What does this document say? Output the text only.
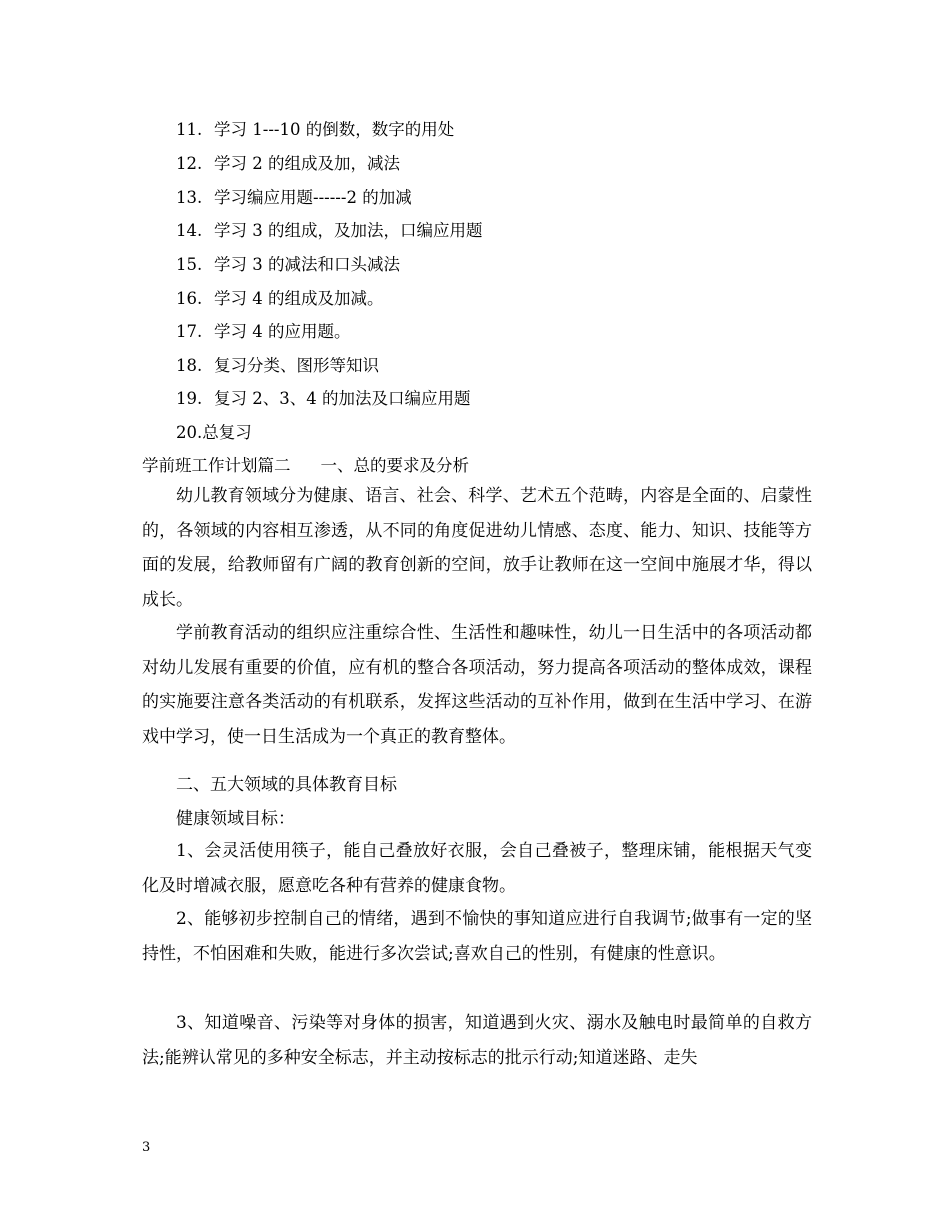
11. 学习 1---10 的倒数，数字的用处
12. 学习 2 的组成及加，减法
13. 学习编应用题------2 的加减
14. 学习 3 的组成，及加法，口编应用题
15. 学习 3 的减法和口头减法
16. 学习 4 的组成及加减。
17. 学习 4 的应用题。
18. 复习分类、图形等知识
19. 复习 2、3、4 的加法及口编应用题
20.总复习
学前班工作计划篇二 一、总的要求及分析

幼儿教育领域分为健康、语言、社会、科学、艺术五个范畴，内容是全面的、启蒙性的，各领域的内容相互渗透，从不同的角度促进幼儿情感、态度、能力、知识、技能等方面的发展，给教师留有广阔的教育创新的空间，放手让教师在这一空间中施展才华，得以成长。

学前教育活动的组织应注重综合性、生活性和趣味性，幼儿一日生活中的各项活动都对幼儿发展有重要的价值，应有机的整合各项活动，努力提高各项活动的整体成效，课程的实施要注意各类活动的有机联系，发挥这些活动的互补作用，做到在生活中学习、在游戏中学习，使一日生活成为一个真正的教育整体。

二、五大领域的具体教育目标
健康领域目标：

1、会灵活使用筷子，能自己叠放好衣服，会自己叠被子，整理床铺，能根据天气变化及时增减衣服，愿意吃各种有营养的健康食物。

2、能够初步控制自己的情绪，遇到不愉快的事知道应进行自我调节;做事有一定的坚持性，不怕困难和失败，能进行多次尝试;喜欢自己的性别，有健康的性意识。

3、知道噪音、污染等对身体的损害，知道遇到火灾、溺水及触电时最简单的自救方法;能辨认常见的多种安全标志，并主动按标志的批示行动;知道迷路、走失

3
